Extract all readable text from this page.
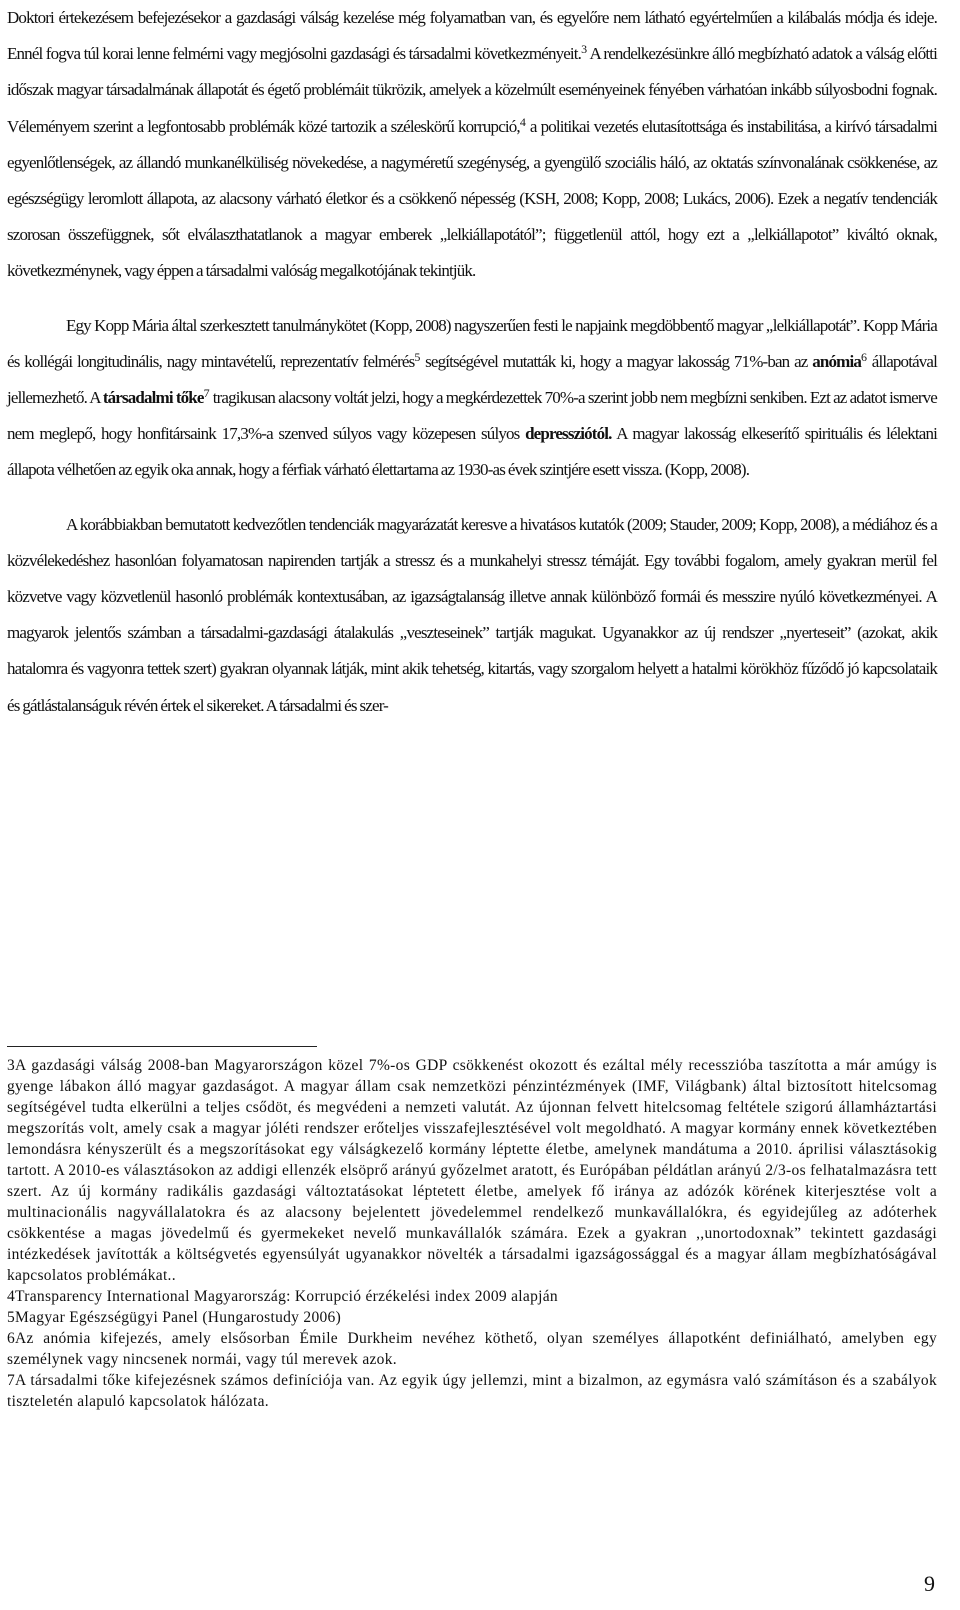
Doktori értekezésem befejezésekor a gazdasági válság kezelése még folyamatban van, és egyelőre nem látható egyértelműen a kilábalás módja és ideje. Ennél fogva túl korai lenne felmérni vagy megjósolni gazdasági és társadalmi következményeit.$^3$ A rendelkezésünkre álló megbízható adatok a válság előtti időszak magyar társadalmának állapotát és égető problémáit tükrözik, amelyek a közelmúlt eseményeinek fényében várhatóan inkább súlyosbodni fognak. Véleményem szerint a legfontosabb problémák közé tartozik a széleskörű korrupció,$^4$ a politikai vezetés elutasítottsága és instabilitása, a kirívó társadalmi egyenlőtlenségek, az állandó munkanélküliség növekedése, a nagyméretű szegénység, a gyengülő szociális háló, az oktatás színvonalának csökkenése, az egészségügy leromlott állapota, az alacsony várható életkor és a csökkenő népesség (KSH, 2008; Kopp, 2008; Lukács, 2006). Ezek a negatív tendenciák szorosan összefüggnek, sőt elválaszthatatlanok a magyar emberek ,,lelkiállapotától”; függetlenül attól, hogy ezt a ,,lelkiállapotot” kiváltó oknak, következménynek, vagy éppen a társadalmi valóság megalkotójának tekintjük.

Egy Kopp Mária által szerkesztett tanulmánykötet (Kopp, 2008) nagyszerűen festi le napjaink megdöbbentő magyar ,,lelkiállapotát”. Kopp Mária és kollégái longitudinális, nagy mintavételű, reprezentatív felmérés$^5$ segítségével mutatták ki, hogy a magyar lakosság 71%-ban az anómia$^6$ állapotával jellemezhető. A társadalmi tőke$^7$ tragikusan alacsony voltát jelzi, hogy a megkérdezettek 70%-a szerint jobb nem megbízni senkiben. Ezt az adatot ismerve nem meglepő, hogy honfitársaink 17,3%-a szenved súlyos vagy közepesen súlyos depressziótól. A magyar lakosság elkeserítő spirituális és lélektani állapota vélhetően az egyik oka annak, hogy a férfiak várható élettartama az 1930-as évek szintjére esett vissza. (Kopp, 2008).

A korábbiakban bemutatott kedvezőtlen tendenciák magyarázatát keresve a hivatásos kutatók (2009; Stauder, 2009; Kopp, 2008), a médiához és a közvélekedéshez hasonlóan folyamatosan napirenden tartják a stressz és a munkahelyi stressz témáját. Egy további fogalom, amely gyakran merül fel közvetve vagy közvetlenül hasonló problémák kontextusában, az igazságtalanság illetve annak különböző formái és messzire nyúló következményei. A magyarok jelentős számban a társadalmi-gazdasági átalakulás ,,veszteseinek” tartják magukat. Ugyanakkor az új rendszer ,,nyerteseit” (azokat, akik hatalomra és vagyonra tettek szert) gyakran olyannak látják, mint akik tehetség, kitartás, vagy szorgalom helyett a hatalmi körökhöz fűződő jó kapcsolataik és gátlástalanságuk révén értek el sikereket. A társadalmi és szer-

3A gazdasági válság 2008-ban Magyarországon közel 7%-os GDP csökkenést okozott és ezáltal mély recesszióba taszította a már amúgy is gyenge lábakon álló magyar gazdaságot. A magyar állam csak nemzetközi pénzintézmények (IMF, Világbank) által biztosított hitelcsomag segítségével tudta elkerülni a teljes csődöt, és megvédeni a nemzeti valutát. Az újonnan felvett hitelcsomag feltétele szigorú államháztartási megszorítás volt, amely csak a magyar jóléti rendszer erőteljes visszafejlesztésével volt megoldható. A magyar kormány ennek következtében lemondásra kényszerült és a megszorításokat egy válságkezelő kormány léptette életbe, amelynek mandátuma a 2010. áprilisi választásokig tartott. A 2010-es választásokon az addigi ellenzék elsöprő arányú győzelmet aratott, és Európában példátlan arányú 2/3-os felhatalmazásra tett szert. Az új kormány radikális gazdasági változtatásokat léptetett életbe, amelyek fő iránya az adózók körének kiterjesztése volt a multinacionális nagyvállalatokra és az alacsony bejelentett jövedelemmel rendelkező munkavállalókra, és egyidejűleg az adóterhek csökkentése a magas jövedelmű és gyermekeket nevelő munkavállalók számára. Ezek a gyakran ,,unortodoxnak” tekintett gazdasági intézkedések javították a költségvetés egyensúlyát ugyanakkor növelték a társadalmi igazságossággal és a magyar állam megbízhatóságával kapcsolatos problémákat..

4Transparency International Magyarország: Korrupció érzékelési index 2009 alapján

5Magyar Egészségügyi Panel (Hungarostudy 2006)

6Az anómia kifejezés, amely elsősorban Émile Durkheim nevéhez köthető, olyan személyes állapotként definiálható, amelyben egy személynek vagy nincsenek normái, vagy túl merevek azok.

7A társadalmi tőke kifejezésnek számos definíciója van. Az egyik úgy jellemzi, mint a bizalmon, az egymásra való számításon és a szabályok tiszteletén alapuló kapcsolatok hálózata.

9
